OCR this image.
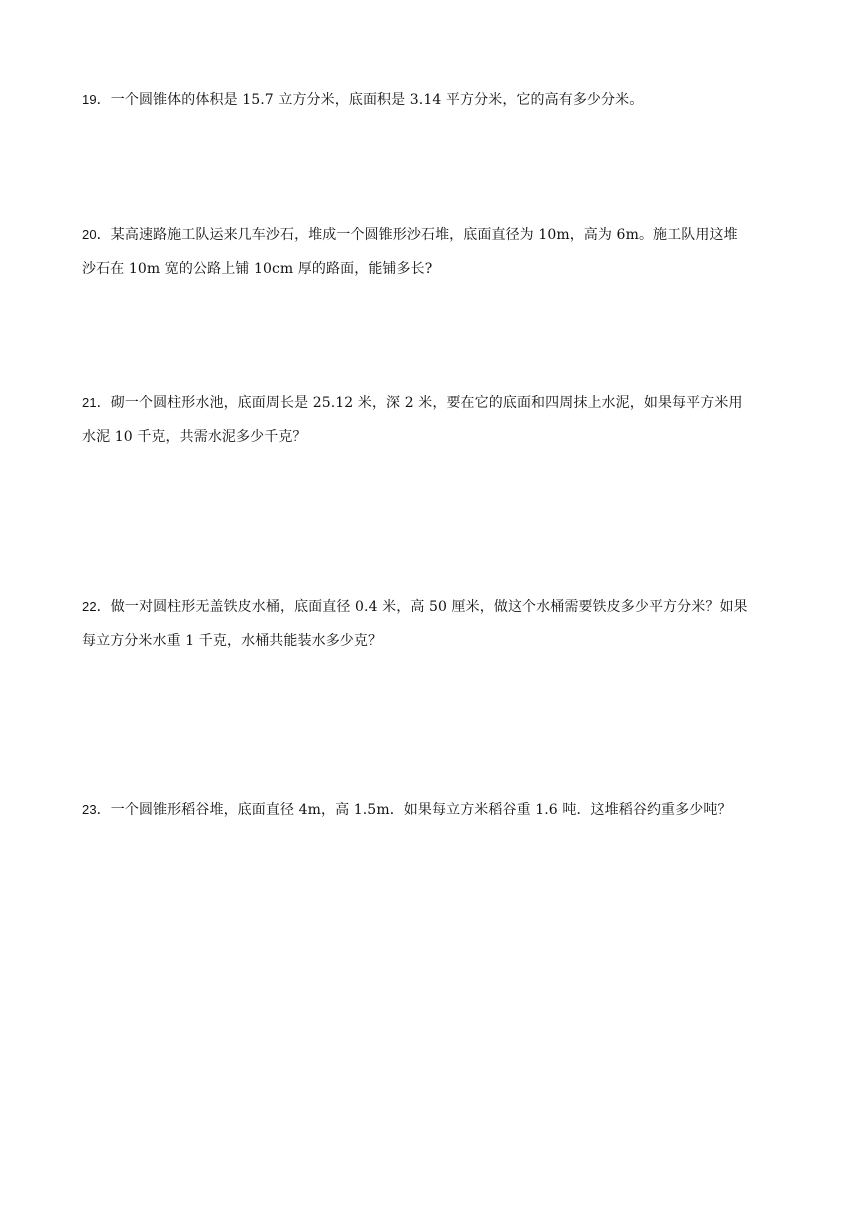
19．一个圆锥体的体积是 15.7 立方分米，底面积是 3.14 平方分米，它的高有多少分米。
20．某高速路施工队运来几车沙石，堆成一个圆锥形沙石堆，底面直径为 10m，高为 6m。施工队用这堆
沙石在 10m 宽的公路上铺 10cm 厚的路面，能铺多长?
21．砌一个圆柱形水池，底面周长是 25.12 米，深 2 米，要在它的底面和四周抹上水泥，如果每平方米用
水泥 10 千克，共需水泥多少千克？
22．做一对圆柱形无盖铁皮水桶，底面直径 0.4 米，高 50 厘米，做这个水桶需要铁皮多少平方分米？如果
每立方分米水重 1 千克，水桶共能装水多少克？
23．一个圆锥形稻谷堆，底面直径 4m，高 1.5m．如果每立方米稻谷重 1.6 吨．这堆稻谷约重多少吨？
